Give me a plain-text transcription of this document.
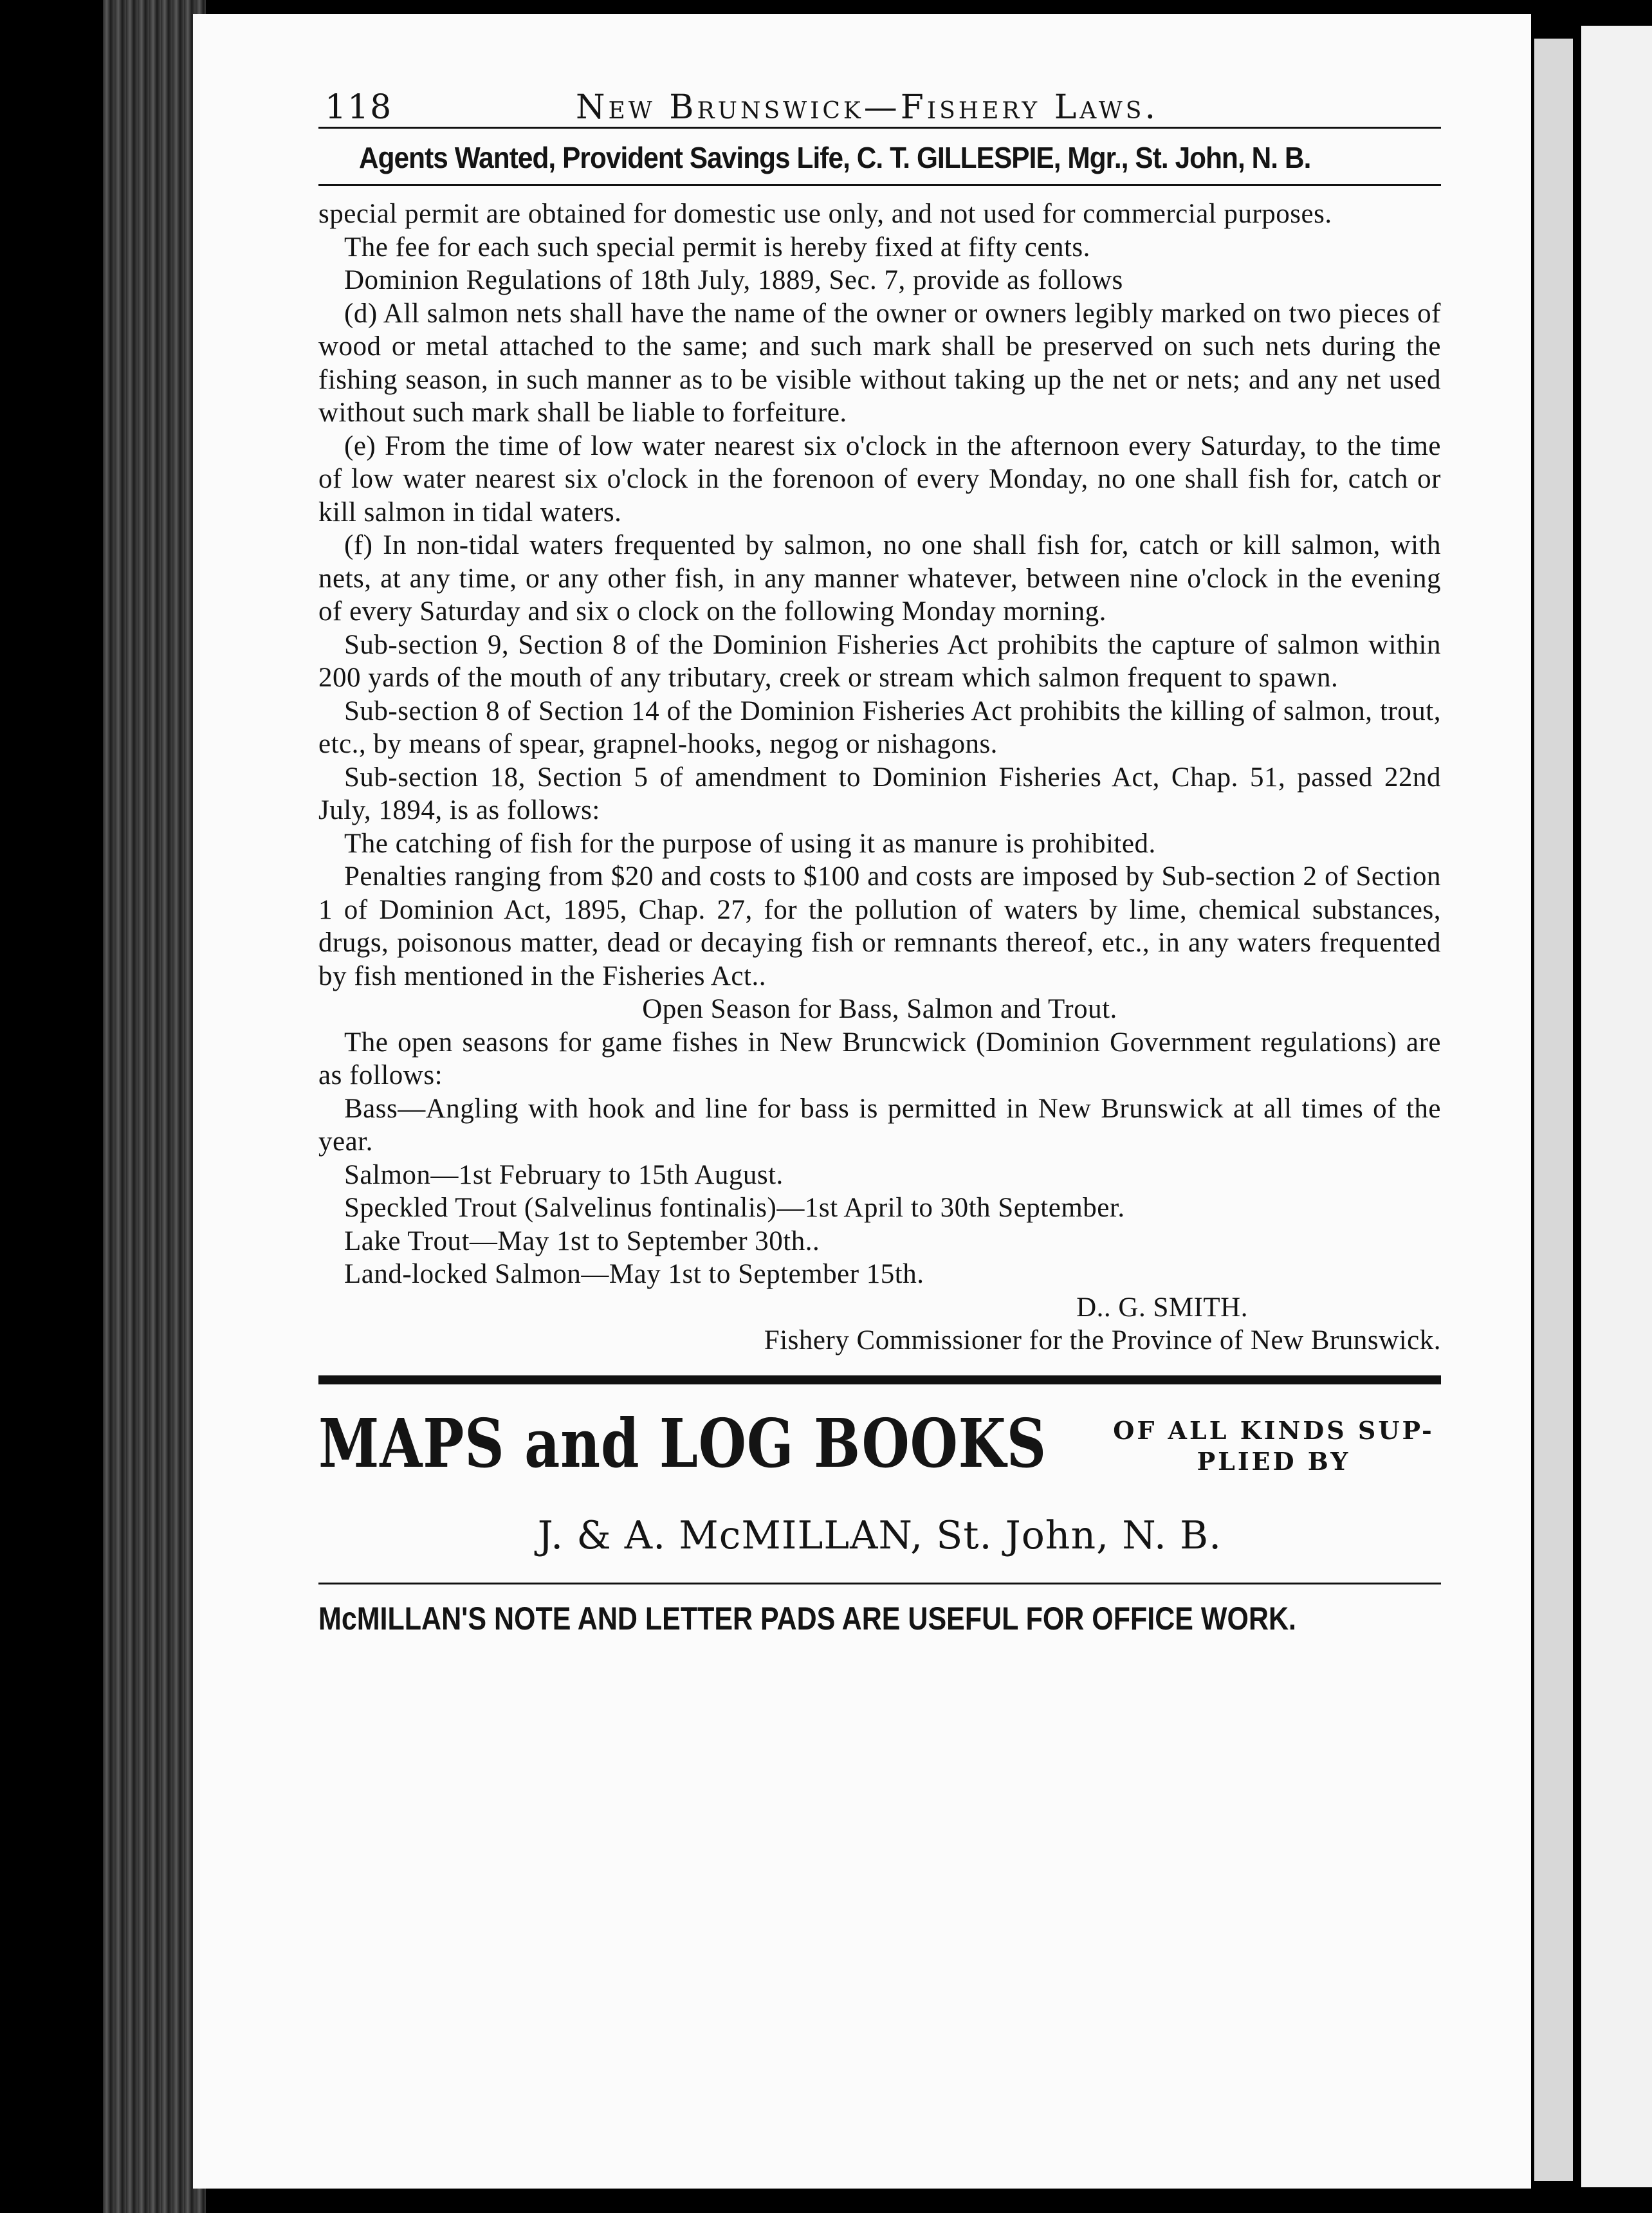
118	New Brunswick—Fishery Laws.
Agents Wanted, Provident Savings Life, C. T. GILLESPIE, Mgr., St. John, N. B.

special permit are obtained for domestic use only, and not used for commercial purposes.

The fee for each such special permit is hereby fixed at fifty cents.

Dominion Regulations of 18th July, 1889, Sec. 7, provide as follows

(d) All salmon nets shall have the name of the owner or owners legibly marked on two pieces of wood or metal attached to the same; and such mark shall be preserved on such nets during the fishing season, in such manner as to be visible without taking up the net or nets; and any net used without such mark shall be liable to forfeiture.

(e) From the time of low water nearest six o'clock in the afternoon every Saturday, to the time of low water nearest six o'clock in the forenoon of every Monday, no one shall fish for, catch or kill salmon in tidal waters.

(f) In non-tidal waters frequented by salmon, no one shall fish for, catch or kill salmon, with nets, at any time, or any other fish, in any manner whatever, between nine o'clock in the evening of every Saturday and six o clock on the following Monday morning.

Sub-section 9, Section 8 of the Dominion Fisheries Act prohibits the capture of salmon within 200 yards of the mouth of any tributary, creek or stream which salmon frequent to spawn.

Sub-section 8 of Section 14 of the Dominion Fisheries Act prohibits the killing of salmon, trout, etc., by means of spear, grapnel-hooks, negog or nishagons.

Sub-section 18, Section 5 of amendment to Dominion Fisheries Act, Chap. 51, passed 22nd July, 1894, is as follows:

The catching of fish for the purpose of using it as manure is prohibited.

Penalties ranging from $20 and costs to $100 and costs are imposed by Sub-section 2 of Section 1 of Dominion Act, 1895, Chap. 27, for the pollution of waters by lime, chemical substances, drugs, poisonous matter, dead or decaying fish or remnants thereof, etc., in any waters frequented by fish mentioned in the Fisheries Act..

Open Season for Bass, Salmon and Trout.

The open seasons for game fishes in New Bruncwick (Dominion Government regulations) are as follows:

Bass—Angling with hook and line for bass is permitted in New Brunswick at all times of the year.

Salmon—1st February to 15th August.

Speckled Trout (Salvelinus fontinalis)—1st April to 30th September.

Lake Trout—May 1st to September 30th..

Land-locked Salmon—May 1st to September 15th.

D.. G. SMITH.

Fishery Commissioner for the Province of New Brunswick.

MAPS and LOG BOOKS	OF ALL KINDS SUP-
PLIED BY
J. & A. McMILLAN, St. John, N. B.
McMILLAN'S NOTE AND LETTER PADS ARE USEFUL FOR OFFICE WORK.
